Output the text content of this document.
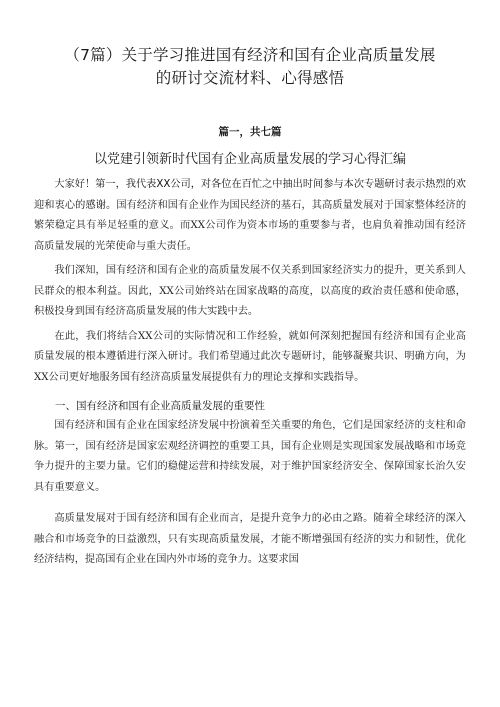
（7篇）关于学习推进国有经济和国有企业高质量发展
的研讨交流材料、心得感悟

篇一，共七篇

以党建引领新时代国有企业高质量发展的学习心得汇编

大家好！第一，我代表XX公司，对各位在百忙之中抽出时间参与本次专题研讨表示热烈的欢迎和衷心的感谢。国有经济和国有企业作为国民经济的基石，其高质量发展对于国家整体经济的繁荣稳定具有举足轻重的意义。而XX公司作为资本市场的重要参与者，也肩负着推动国有经济高质量发展的光荣使命与重大责任。

我们深知，国有经济和国有企业的高质量发展不仅关系到国家经济实力的提升，更关系到人民群众的根本利益。因此，XX公司始终站在国家战略的高度，以高度的政治责任感和使命感，积极投身到国有经济高质量发展的伟大实践中去。

在此，我们将结合XX公司的实际情况和工作经验，就如何深刻把握国有经济和国有企业高质量发展的根本遵循进行深入研讨。我们希望通过此次专题研讨，能够凝聚共识、明确方向，为XX公司更好地服务国有经济高质量发展提供有力的理论支撑和实践指导。

一、国有经济和国有企业高质量发展的重要性

国有经济和国有企业在国家经济发展中扮演着至关重要的角色，它们是国家经济的支柱和命脉。第一，国有经济是国家宏观经济调控的重要工具，国有企业则是实现国家发展战略和市场竞争力提升的主要力量。它们的稳健运营和持续发展，对于维护国家经济安全、保障国家长治久安具有重要意义。

高质量发展对于国有经济和国有企业而言，是提升竞争力的必由之路。随着全球经济的深入融合和市场竞争的日益激烈，只有实现高质量发展，才能不断增强国有经济的实力和韧性，优化经济结构，提高国有企业在国内外市场的竞争力。这要求国
